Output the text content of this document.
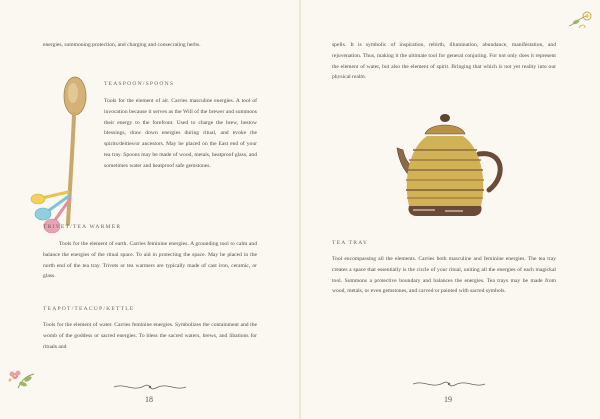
energies, summoning protection, and charging and consecrating herbs.
TEASPOON/SPOONS
Tools for the element of air. Carries masculine energies. A tool of invocation because it serves as the Will of the brewer and summons their energy to the forefront. Used to charge the brew, bestow blessings, draw down energies during ritual, and evoke the spirits/deities/or ancestors. May be placed on the East end of your tea tray. Spoons may be made of wood, metals, heatproof glass, and sometimes water and heatproof safe gemstones.
TRIVET/TEA WARMER
Tools for the element of earth. Carries feminine energies. A grounding tool to calm and balance the energies of the ritual space. To aid in protecting the space. May be placed in the north end of the tea tray. Trivets or tea warmers are typically made of cast iron, ceramic, or glass.
TEAPOT/TEACUP/KETTLE
Tools for the element of water. Carries feminine energies. Symbolizes the containment and the womb of the goddess or sacred energies. To bless the sacred waters, brews, and libations for rituals and
18
spells. It is symbolic of inspiration, rebirth, illumination, abundance, manifestation, and rejuvenation. Thus, making it the ultimate tool for general conjuring. For not only does it represent the element of water, but also the element of spirit. Bringing that which is not yet reality into our physical realm.
TEA TRAY
Tool encompassing all the elements. Carries both masculine and feminine energies. The tea tray creates a space that essentially is the circle of your ritual, uniting all the energies of each magickal tool. Summons a protective boundary and balances the energies. Tea trays may be made from wood, metals, or even gemstones, and carved or painted with sacred symbols.
19
